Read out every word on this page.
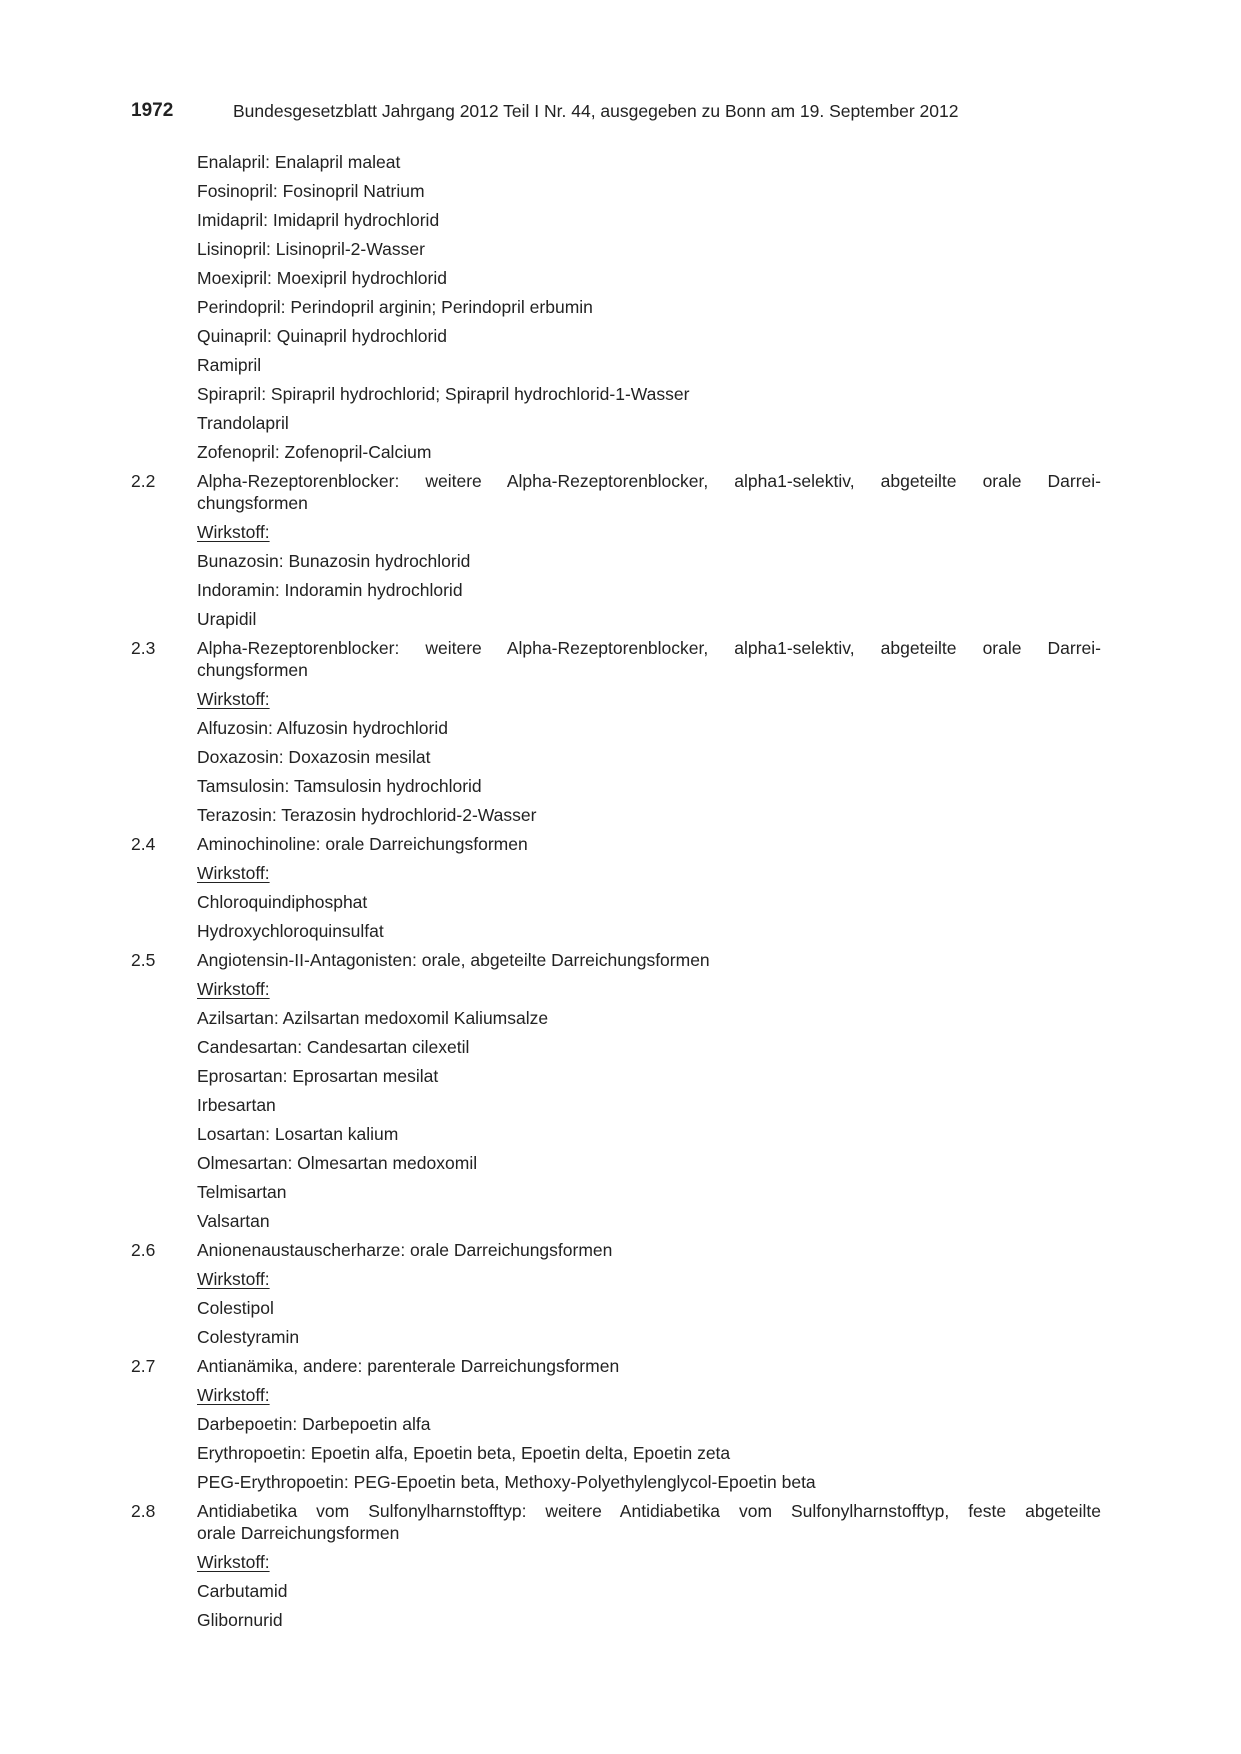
1972	Bundesgesetzblatt Jahrgang 2012 Teil I Nr. 44, ausgegeben zu Bonn am 19. September 2012
Enalapril: Enalapril maleat
Fosinopril: Fosinopril Natrium
Imidapril: Imidapril hydrochlorid
Lisinopril: Lisinopril-2-Wasser
Moexipril: Moexipril hydrochlorid
Perindopril: Perindopril arginin; Perindopril erbumin
Quinapril: Quinapril hydrochlorid
Ramipril
Spirapril: Spirapril hydrochlorid; Spirapril hydrochlorid-1-Wasser
Trandolapril
Zofenopril: Zofenopril-Calcium
2.2 Alpha-Rezeptorenblocker: weitere Alpha-Rezeptorenblocker, alpha1-selektiv, abgeteilte orale Darrei-
chungsformen
Wirkstoff:
Bunazosin: Bunazosin hydrochlorid
Indoramin: Indoramin hydrochlorid
Urapidil
2.3 Alpha-Rezeptorenblocker: weitere Alpha-Rezeptorenblocker, alpha1-selektiv, abgeteilte orale Darrei-
chungsformen
Wirkstoff:
Alfuzosin: Alfuzosin hydrochlorid
Doxazosin: Doxazosin mesilat
Tamsulosin: Tamsulosin hydrochlorid
Terazosin: Terazosin hydrochlorid-2-Wasser
2.4 Aminochinoline: orale Darreichungsformen
Wirkstoff:
Chloroquindiphosphat
Hydroxychloroquinsulfat
2.5 Angiotensin-II-Antagonisten: orale, abgeteilte Darreichungsformen
Wirkstoff:
Azilsartan: Azilsartan medoxomil Kaliumsalze
Candesartan: Candesartan cilexetil
Eprosartan: Eprosartan mesilat
Irbesartan
Losartan: Losartan kalium
Olmesartan: Olmesartan medoxomil
Telmisartan
Valsartan
2.6 Anionenaustauscherharze: orale Darreichungsformen
Wirkstoff:
Colestipol
Colestyramin
2.7 Antianämika, andere: parenterale Darreichungsformen
Wirkstoff:
Darbepoetin: Darbepoetin alfa
Erythropoetin: Epoetin alfa, Epoetin beta, Epoetin delta, Epoetin zeta
PEG-Erythropoetin: PEG-Epoetin beta, Methoxy-Polyethylenglycol-Epoetin beta
2.8 Antidiabetika vom Sulfonylharnstofftyp: weitere Antidiabetika vom Sulfonylharnstofftyp, feste abgeteilte
orale Darreichungsformen
Wirkstoff:
Carbutamid
Glibornurid
